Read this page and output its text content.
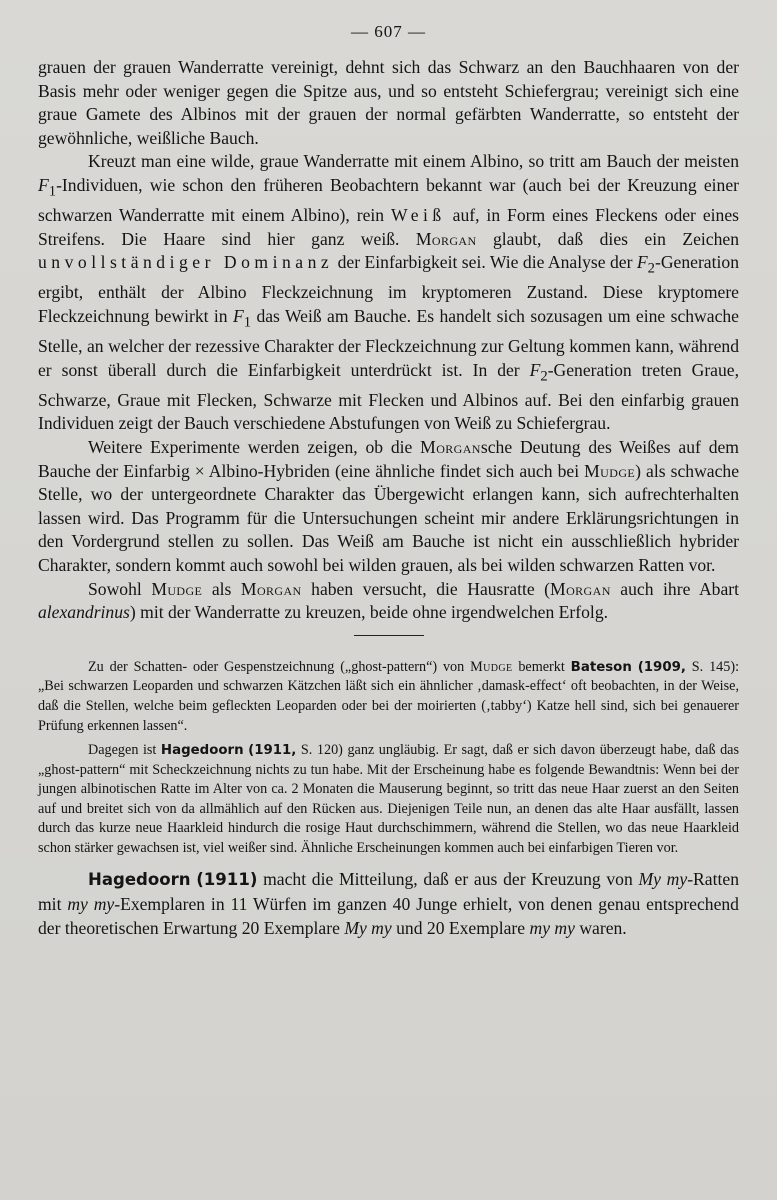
— 607 —

grauen der grauen Wanderratte vereinigt, dehnt sich das Schwarz an den Bauchhaaren von der Basis mehr oder weniger gegen die Spitze aus, und so entsteht Schiefergrau; vereinigt sich eine graue Gamete des Albinos mit der grauen der normal gefärbten Wanderratte, so entsteht der gewöhnliche, weißliche Bauch.

Kreuzt man eine wilde, graue Wanderratte mit einem Albino, so tritt am Bauch der meisten $F_1$-Individuen, wie schon den früheren Beobachtern bekannt war (auch bei der Kreuzung einer schwarzen Wanderratte mit einem Albino), rein Weiß auf, in Form eines Fleckens oder eines Streifens. Die Haare sind hier ganz weiß. Morgan glaubt, daß dies ein Zeichen unvollständiger Dominanz der Einfarbigkeit sei. Wie die Analyse der $F_2$-Generation ergibt, enthält der Albino Fleckzeichnung im kryptomeren Zustand. Diese kryptomere Fleckzeichnung bewirkt in $F_1$ das Weiß am Bauche. Es handelt sich sozusagen um eine schwache Stelle, an welcher der rezessive Charakter der Fleckzeichnung zur Geltung kommen kann, während er sonst überall durch die Einfarbigkeit unterdrückt ist. In der $F_2$-Generation treten Graue, Schwarze, Graue mit Flecken, Schwarze mit Flecken und Albinos auf. Bei den einfarbig grauen Individuen zeigt der Bauch verschiedene Abstufungen von Weiß zu Schiefergrau.

Weitere Experimente werden zeigen, ob die Morgansche Deutung des Weißes auf dem Bauche der Einfarbig × Albino-Hybriden (eine ähnliche findet sich auch bei Mudge) als schwache Stelle, wo der untergeordnete Charakter das Übergewicht erlangen kann, sich aufrechterhalten lassen wird. Das Programm für die Untersuchungen scheint mir andere Erklärungsrichtungen in den Vordergrund stellen zu sollen. Das Weiß am Bauche ist nicht ein ausschließlich hybrider Charakter, sondern kommt auch sowohl bei wilden grauen, als bei wilden schwarzen Ratten vor.

Sowohl Mudge als Morgan haben versucht, die Hausratte (Morgan auch ihre Abart alexandrinus) mit der Wanderratte zu kreuzen, beide ohne irgendwelchen Erfolg.

Zu der Schatten- oder Gespenstzeichnung („ghost-pattern“) von Mudge bemerkt Bateson (1909, S. 145): „Bei schwarzen Leoparden und schwarzen Kätzchen läßt sich ein ähnlicher ‚damask-effect‘ oft beobachten, in der Weise, daß die Stellen, welche beim gefleckten Leoparden oder bei der moirierten (‚tabby‘) Katze hell sind, sich bei genauerer Prüfung erkennen lassen“.

Dagegen ist Hagedoorn (1911, S. 120) ganz ungläubig. Er sagt, daß er sich davon überzeugt habe, daß das „ghost-pattern“ mit Scheckzeichnung nichts zu tun habe. Mit der Erscheinung habe es folgende Bewandtnis: Wenn bei der jungen albinotischen Ratte im Alter von ca. 2 Monaten die Mauserung beginnt, so tritt das neue Haar zuerst an den Seiten auf und breitet sich von da allmählich auf den Rücken aus. Diejenigen Teile nun, an denen das alte Haar ausfällt, lassen durch das kurze neue Haarkleid hindurch die rosige Haut durchschimmern, während die Stellen, wo das neue Haarkleid schon stärker gewachsen ist, viel weißer sind. Ähnliche Erscheinungen kommen auch bei einfarbigen Tieren vor.

Hagedoorn (1911) macht die Mitteilung, daß er aus der Kreuzung von My my-Ratten mit my my-Exemplaren in 11 Würfen im ganzen 40 Junge erhielt, von denen genau entsprechend der theoretischen Erwartung 20 Exemplare My my und 20 Exemplare my my waren.
